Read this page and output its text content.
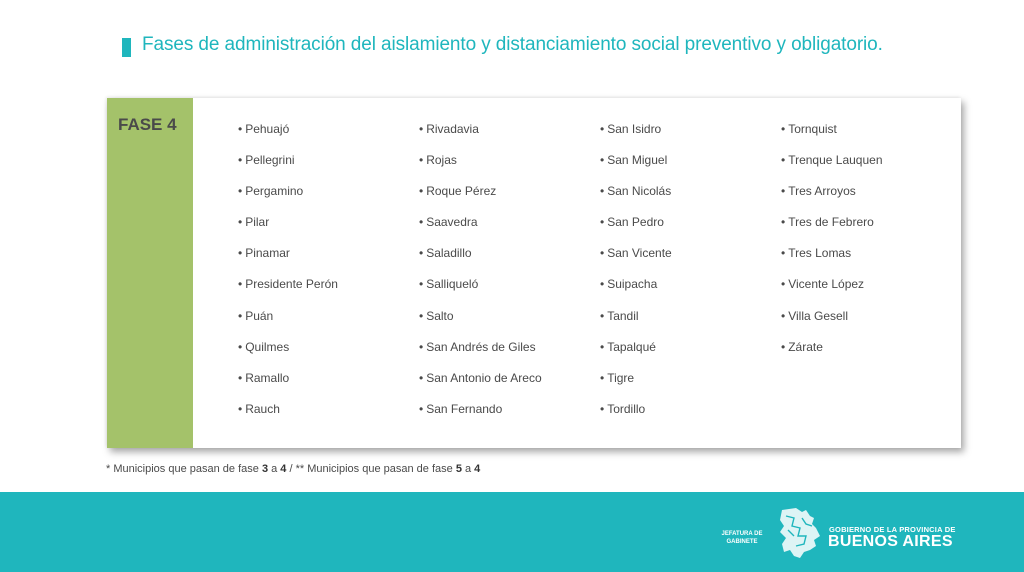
Fases de administración del aislamiento y distanciamiento social preventivo y obligatorio.
FASE 4	• Pehuajó
• Pellegrini
• Pergamino
• Pilar
• Pinamar
• Presidente Perón
• Puán
• Quilmes
• Ramallo
• Rauch
• Rivadavia
• Rojas
• Roque Pérez
• Saavedra
• Saladillo
• Salliqueló
• Salto
• San Andrés de Giles
• San Antonio de Areco
• San Fernando
• San Isidro
• San Miguel
• San Nicolás
• San Pedro
• San Vicente
• Suipacha
• Tandil
• Tapalqué
• Tigre
• Tordillo
• Tornquist
• Trenque Lauquen
• Tres Arroyos
• Tres de Febrero
• Tres Lomas
• Vicente López
• Villa Gesell
• Zárate
* Municipios que pasan de fase 3 a 4 / ** Municipios que pasan de fase 5 a 4
JEFATURA DE GABINETE
GOBIERNO DE LA PROVINCIA DE
BUENOS AIRES
